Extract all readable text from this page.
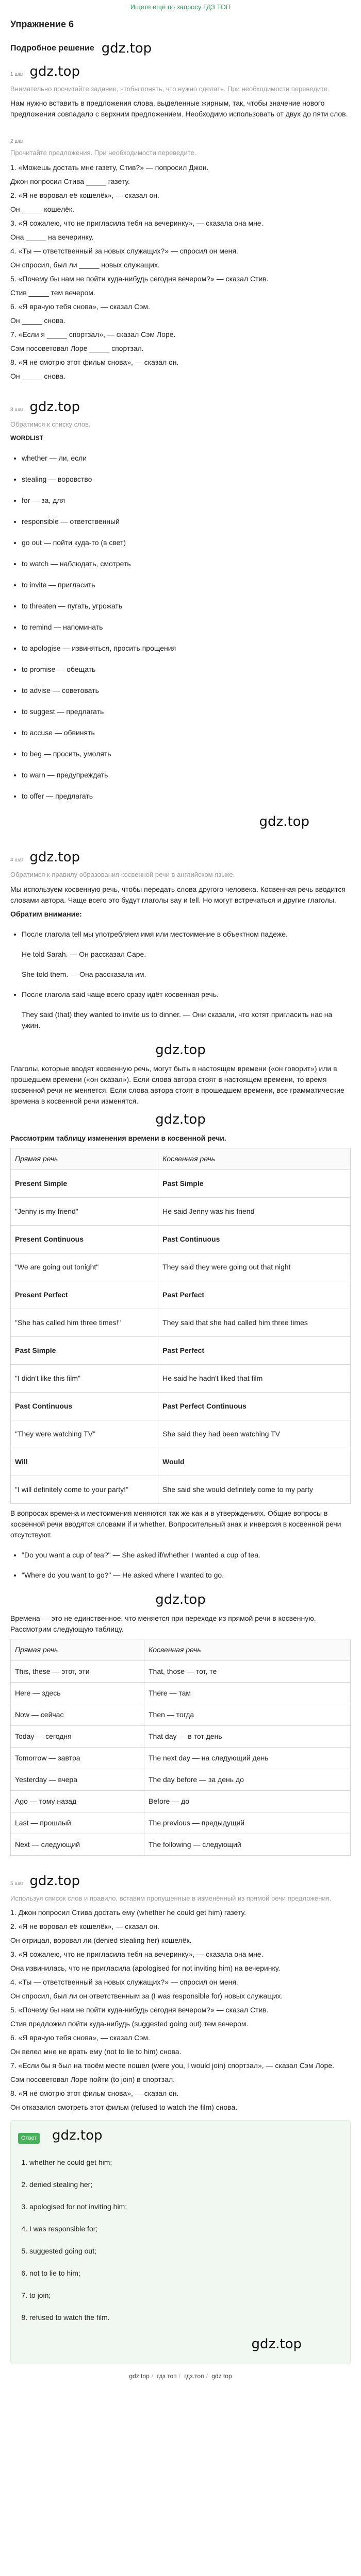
Ищете ещё по запросу ГДЗ ТОП
Упражнение 6
Подробное решение gdz.top
1 шаг gdz.top
Внимательно прочитайте задание, чтобы понять, что нужно сделать. При необходимости переведите.

Нам нужно вставить в предложения слова, выделенные жирным, так, чтобы значение нового предложения совпадало с верхним предложением. Необходимо использовать от двух до пяти слов.

2 шаг
Прочитайте предложения. При необходимости переведите.

1. «Можешь достать мне газету, Стив?» — попросил Джон.

Джон попросил Стива _____ газету.

2. «Я не воровал её кошелёк», — сказал он.

Он _____ кошелёк.

3. «Я сожалею, что не пригласила тебя на вечеринку», — сказала она мне.

Она _____ на вечеринку.

4. «Ты — ответственный за новых служащих?» — спросил он меня.

Он спросил, был ли _____ новых служащих.

5. «Почему бы нам не пойти куда-нибудь сегодня вечером?» — сказал Стив.

Стив _____ тем вечером.

6. «Я врачую тебя снова», — сказал Сэм.

Он _____ снова.

7. «Если я _____ спортзал», — сказал Сэм Лоре.

Сэм посоветовал Лоре _____ спортзал.

8. «Я не смотрю этот фильм снова», — сказал он.

Он _____ снова.

3 шаг gdz.top
Обратимся к списку слов.
WORDLIST
• whether — ли, если
• stealing — воровство
• for — за, для
• responsible — ответственный
• go out — пойти куда-то (в свет)
• to watch — наблюдать, смотреть
• to invite — пригласить
• to threaten — пугать, угрожать
• to remind — напоминать
• to apologise — извиняться, просить прощения
• to promise — обещать
• to advise — советовать
• to suggest — предлагать
• to accuse — обвинять
• to beg — просить, умолять
• to warn — предупреждать
• to offer — предлагать
gdz.top
4 шаг gdz.top
Обратимся к правилу образования косвенной речи в английском языке.

Мы используем косвенную речь, чтобы передать слова другого человека. Косвенная речь вводится словами автора. Чаще всего это будут глаголы say и tell. Но могут встречаться и другие глаголы.

Обратим внимание:

• После глагола tell мы употребляем имя или местоимение в объектном падеже.
He told Sarah. — Он рассказал Саре.
She told them. — Она рассказала им.
• После глагола said чаще всего сразу идёт косвенная речь.
They said (that) they wanted to invite us to dinner. — Они сказали, что хотят пригласить нас на ужин.
gdz.top

Глаголы, которые вводят косвенную речь, могут быть в настоящем времени («он говорит») или в прошедшем времени («он сказал»). Если слова автора стоят в настоящем времени, то время косвенной речи не меняется. Если слова автора стоят в прошедшем времени, все грамматические времена в косвенной речи изменятся.

gdz.top

Рассмотрим таблицу изменения времени в косвенной речи.

Прямая речь	Косвенная речь
Present Simple	Past Simple
"Jenny is my friend"	He said Jenny was his friend
Present Continuous	Past Continuous
"We are going out tonight"	They said they were going out that night
Present Perfect	Past Perfect
"She has called him three times!"	They said that she had called him three times
Past Simple	Past Perfect
"I didn't like this film"	He said he hadn't liked that film
Past Continuous	Past Perfect Continuous
"They were watching TV"	She said they had been watching TV
Will	Would
"I will definitely come to your party!"	She said she would definitely come to my party

В вопросах времена и местоимения меняются так же как и в утверждениях. Общие вопросы в косвенной речи вводятся словами if и whether. Вопросительный знак и инверсия в косвенной речи отсутствуют.

• "Do you want a cup of tea?" — She asked if/whether I wanted a cup of tea.
• "Where do you want to go?" — He asked where I wanted to go.
gdz.top

Времена — это не единственное, что меняется при переходе из прямой речи в косвенную. Рассмотрим следующую таблицу.

Прямая речь	Косвенная речь
This, these — этот, эти	That, those — тот, те
Here — здесь	There — там
Now — сейчас	Then — тогда
Today — сегодня	That day — в тот день
Tomorrow — завтра	The next day — на следующий день
Yesterday — вчера	The day before — за день до
Ago — тому назад	Before — до
Last — прошлый	The previous — предыдущий
Next — следующий	The following — следующий
5 шаг gdz.top
Используя список слов и правило, вставим пропущенные в изменённый из прямой речи предложения.

1. Джон попросил Стива достать ему (whether he could get him) газету.

2. «Я не воровал её кошелёк», — сказал он.

Он отрицал, воровал ли (denied stealing her) кошелёк.

3. «Я сожалею, что не пригласила тебя на вечеринку», — сказала она мне.

Она извинилась, что не пригласила (apologised for not inviting him) на вечеринку.

4. «Ты — ответственный за новых служащих?» — спросил он меня.

Он спросил, был ли он ответственным за (I was responsible for) новых служащих.

5. «Почему бы нам не пойти куда-нибудь сегодня вечером?» — сказал Стив.

Стив предложил пойти куда-нибудь (suggested going out) тем вечером.

6. «Я врачую тебя снова», — сказал Сэм.

Он велел мне не врать ему (not to lie to him) снова.

7. «Если бы я был на твоём месте пошел (were you, I would join) спортзал», — сказал Сэм Лоре.

Сэм посоветовал Лоре пойти (to join) в спортзал.

8. «Я не смотрю этот фильм снова», — сказал он.

Он отказался смотреть этот фильм (refused to watch the film) снова.

Ответ gdz.top
1. whether he could get him;
2. denied stealing her;
3. apologised for not inviting him;
4. I was responsible for;
5. suggested going out;
6. not to lie to him;
7. to join;
8. refused to watch the film.
gdz.top
gdz.top / гдз топ / гдз.топ / gdz top
